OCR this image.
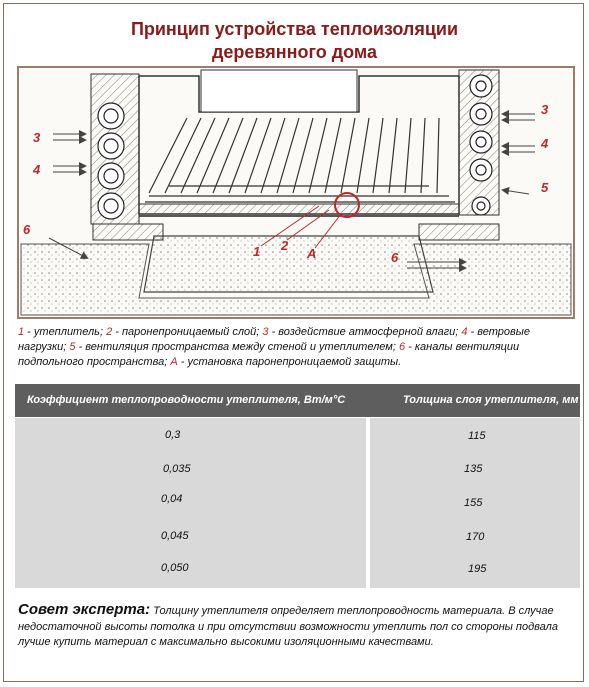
Принцип устройства теплоизоляции
деревянного дома
3
4
6
1 2
A	6
3
4
5
1 - утеплитель; 2 - паронепроницаемый слой; 3 - воздействие атмосферной влаги; 4 - ветровые нагрузки; 5 - вентиляция пространства между стеной и утеплителем; 6 - каналы вентиляции подпольного пространства; А - установка паронепроницаемой защиты.
Коэффициент теплопроводности утеплителя, Вт/м°С	Толщина слоя утеплителя, мм
0,3	115
0,035	135
0,04	155
0,045	170
0,050	195
Совет эксперта: Толщину утеплителя определяет теплопроводность материала. В случае недостаточной высоты потолка и при отсутствии возможности утеплить пол со стороны подвала лучше купить материал с максимально высокими изоляционными качествами.
